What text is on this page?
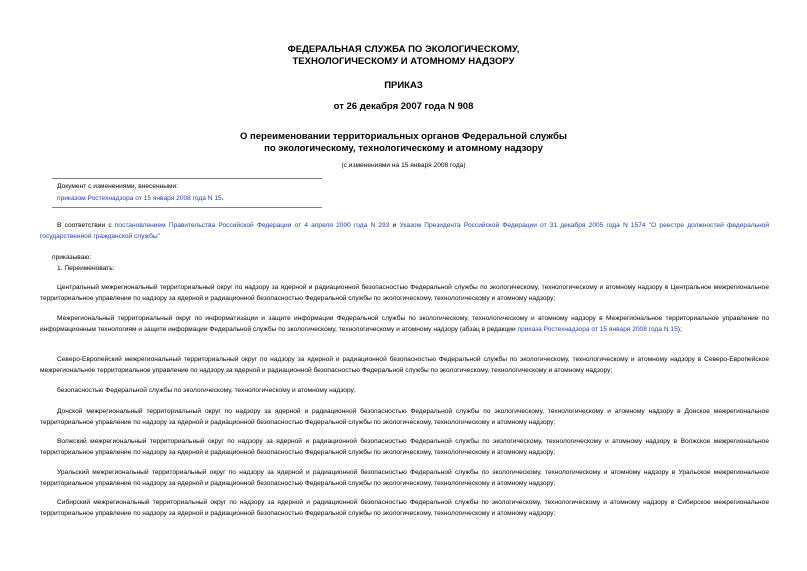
ФЕДЕРАЛЬНАЯ СЛУЖБА ПО ЭКОЛОГИЧЕСКОМУ,
ТЕХНОЛОГИЧЕСКОМУ И АТОМНОМУ НАДЗОРУ
ПРИКАЗ
от 26 декабря 2007 года N 908
О переименовании территориальных органов Федеральной службы
по экологическому, технологическому и атомному надзору
(с изменениями на 15 января 2008 года)
Документ с изменениями, внесенными:
приказом Ростехнадзора от 15 января 2008 года N 15.
В соответствии с постановлением Правительства Российской Федерации от 4 апреля 2000 года N 293 и Указом Президента Российской Федерации от 31 декабря 2005 года N 1574 "О реестре должностей федеральной государственной гражданской службы"
приказываю:
1. Переименовать:
Центральный межрегиональный территориальный округ по надзору за ядерной и радиационной безопасностью Федеральной службы по экологическому, технологическому и атомному надзору в Центральное межрегиональное территориальное управление по надзору за ядерной и радиационной безопасностью Федеральной службы по экологическому, технологическому и атомному надзору;
Межрегиональный территориальный округ по информатизации и защите информации Федеральной службы по экологическому, технологическому и атомному надзору в Межрегиональное территориальное управление по информационным технологиям и защите информации Федеральной службы по экологическому, технологическому и атомному надзору (абзац в редакции приказа Ростехнадзора от 15 января 2008 года N 15);
Северо-Европейский межрегиональный территориальный округ по надзору за ядерной и радиационной безопасностью Федеральной службы по экологическому, технологическому и атомному надзору в Северо-Европейское межрегиональное территориальное управление по надзору за ядерной и радиационной безопасностью Федеральной службы по экологическому, технологическому и атомному надзору;
безопасностью Федеральной службы по экологическому, технологическому и атомному надзору;
Донской межрегиональный территориальный округ по надзору за ядерной и радиационной безопасностью Федеральной службы по экологическому, технологическому и атомному надзору в Донское межрегиональное территориальное управление по надзору за ядерной и радиационной безопасностью Федеральной службы по экологическому, технологическому и атомному надзору;
Волжский межрегиональный территориальный округ по надзору за ядерной и радиационной безопасностью Федеральной службы по экологическому, технологическому и атомному надзору в Волжское межрегиональное территориальное управление по надзору за ядерной и радиационной безопасностью Федеральной службы по экологическому, технологическому и атомному надзору;
Уральский межрегиональный территориальный округ по надзору за ядерной и радиационной безопасностью Федеральной службы по экологическому, технологическому и атомному надзору в Уральское межрегиональное территориальное управление по надзору за ядерной и радиационной безопасностью Федеральной службы по экологическому, технологическому и атомному надзору;
Сибирский межрегиональный территориальный округ по надзору за ядерной и радиационной безопасностью Федеральной службы по экологическому, технологическому и атомному надзору в Сибирское межрегиональное территориальное управление по надзору за ядерной и радиационной безопасностью Федеральной службы по экологическому, технологическому и атомному надзору;
